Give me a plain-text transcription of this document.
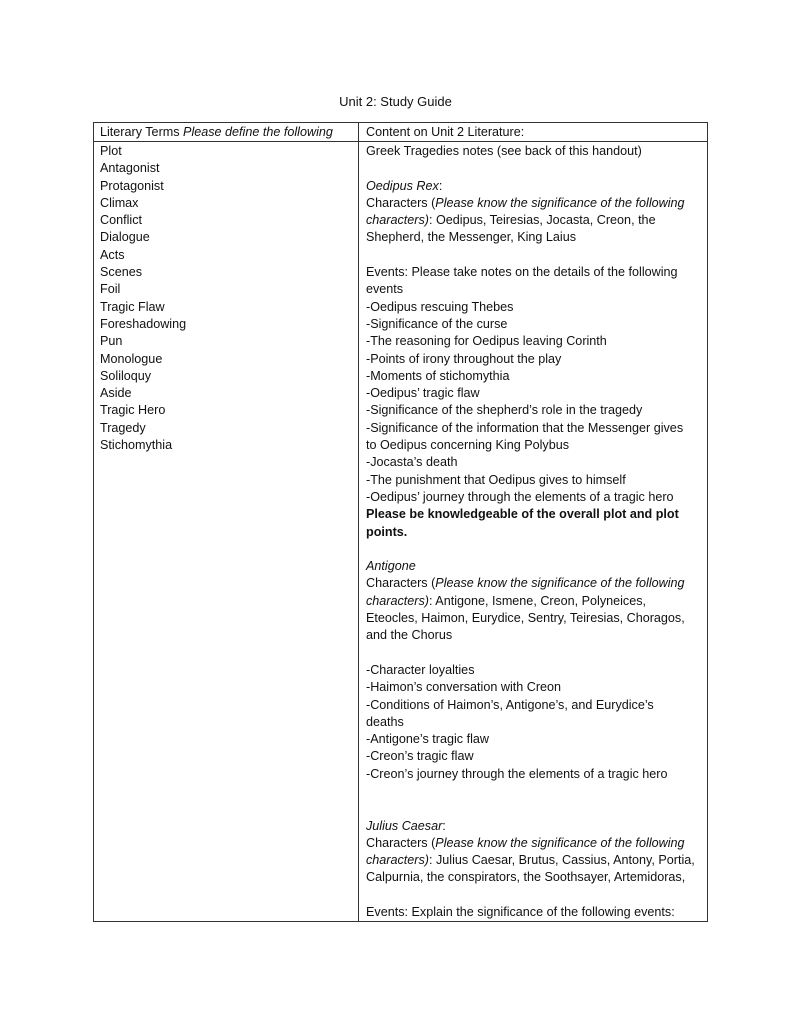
Unit 2: Study Guide
Literary Terms Please define the following	Content on Unit 2 Literature:
Plot
Antagonist
Protagonist
Climax
Conflict
Dialogue
Acts
Scenes
Foil
Tragic Flaw
Foreshadowing
Pun
Monologue
Soliloquy
Aside
Tragic Hero
Tragedy
Stichomythia
Greek Tragedies notes (see back of this handout)
Oedipus Rex:
Characters (Please know the significance of the following
characters): Oedipus, Teiresias, Jocasta, Creon, the
Shepherd, the Messenger, King Laius
Events: Please take notes on the details of the following
events
-Oedipus rescuing Thebes
-Significance of the curse
-The reasoning for Oedipus leaving Corinth
-Points of irony throughout the play
-Moments of stichomythia
-Oedipus’ tragic flaw
-Significance of the shepherd’s role in the tragedy
-Significance of the information that the Messenger gives
to Oedipus concerning King Polybus
-Jocasta’s death
-The punishment that Oedipus gives to himself
-Oedipus’ journey through the elements of a tragic hero
Please be knowledgeable of the overall plot and plot
points.
Antigone
Characters (Please know the significance of the following
characters): Antigone, Ismene, Creon, Polyneices,
Eteocles, Haimon, Eurydice, Sentry, Teiresias, Choragos,
and the Chorus
-Character loyalties
-Haimon’s conversation with Creon
-Conditions of Haimon’s, Antigone’s, and Eurydice’s
deaths
-Antigone’s tragic flaw
-Creon’s tragic flaw
-Creon’s journey through the elements of a tragic hero
Julius Caesar:
Characters (Please know the significance of the following
characters): Julius Caesar, Brutus, Cassius, Antony, Portia,
Calpurnia, the conspirators, the Soothsayer, Artemidoras,
Events: Explain the significance of the following events:
